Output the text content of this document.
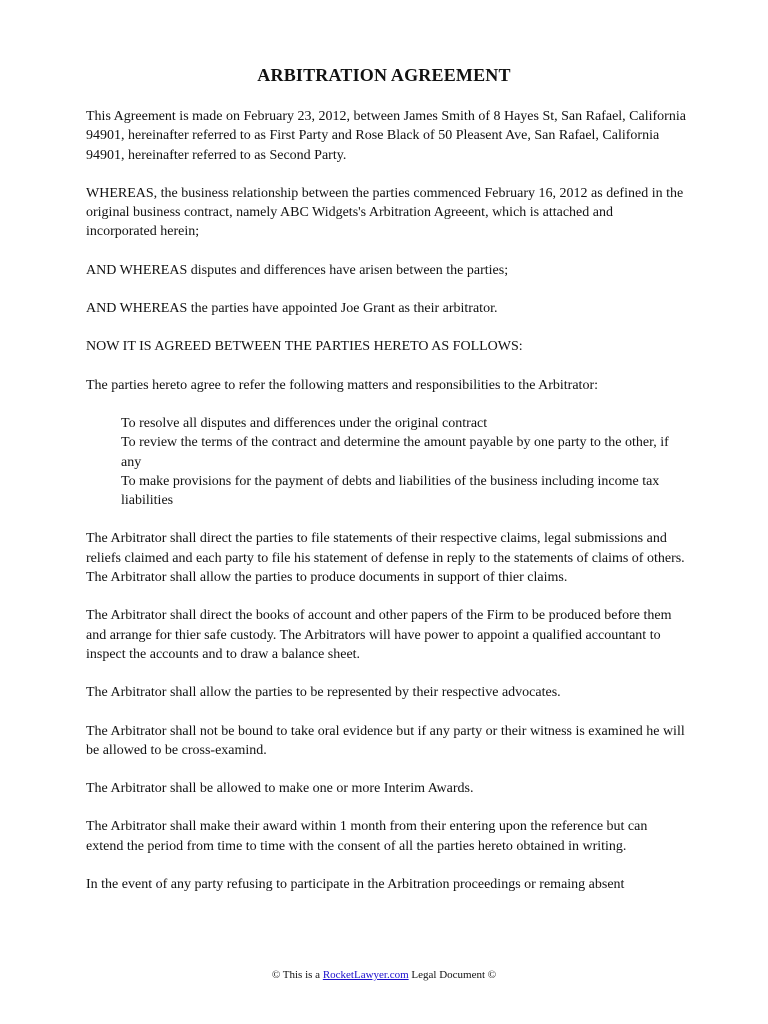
ARBITRATION AGREEMENT

This Agreement is made on February 23, 2012, between James Smith of 8 Hayes St, San Rafael, California 94901, hereinafter referred to as First Party and Rose Black of 50 Pleasent Ave, San Rafael, California 94901, hereinafter referred to as Second Party.

WHEREAS, the business relationship between the parties commenced February 16, 2012 as defined in the original business contract, namely ABC Widgets's Arbitration Agreeent, which is attached and incorporated herein;

AND WHEREAS disputes and differences have arisen between the parties;

AND WHEREAS the parties have appointed Joe Grant as their arbitrator.

NOW IT IS AGREED BETWEEN THE PARTIES HERETO AS FOLLOWS:

The parties hereto agree to refer the following matters and responsibilities to the Arbitrator:

To resolve all disputes and differences under the original contract
To review the terms of the contract and determine the amount payable by one party to the other, if any
To make provisions for the payment of debts and liabilities of the business including income tax liabilities

The Arbitrator shall direct the parties to file statements of their respective claims, legal submissions and reliefs claimed and each party to file his statement of defense in reply to the statements of claims of others. The Arbitrator shall allow the parties to produce documents in support of thier claims.

The Arbitrator shall direct the books of account and other papers of the Firm to be produced before them and arrange for thier safe custody. The Arbitrators will have power to appoint a qualified accountant to inspect the accounts and to draw a balance sheet.

The Arbitrator shall allow the parties to be represented by their respective advocates.

The Arbitrator shall not be bound to take oral evidence but if any party or their witness is examined he will be allowed to be cross-examind.

The Arbitrator shall be allowed to make one or more Interim Awards.

The Arbitrator shall make their award within 1 month from their entering upon the reference but can extend the period from time to time with the consent of all the parties hereto obtained in writing.

In the event of any party refusing to participate in the Arbitration proceedings or remaing absent

© This is a RocketLawyer.com Legal Document ©
